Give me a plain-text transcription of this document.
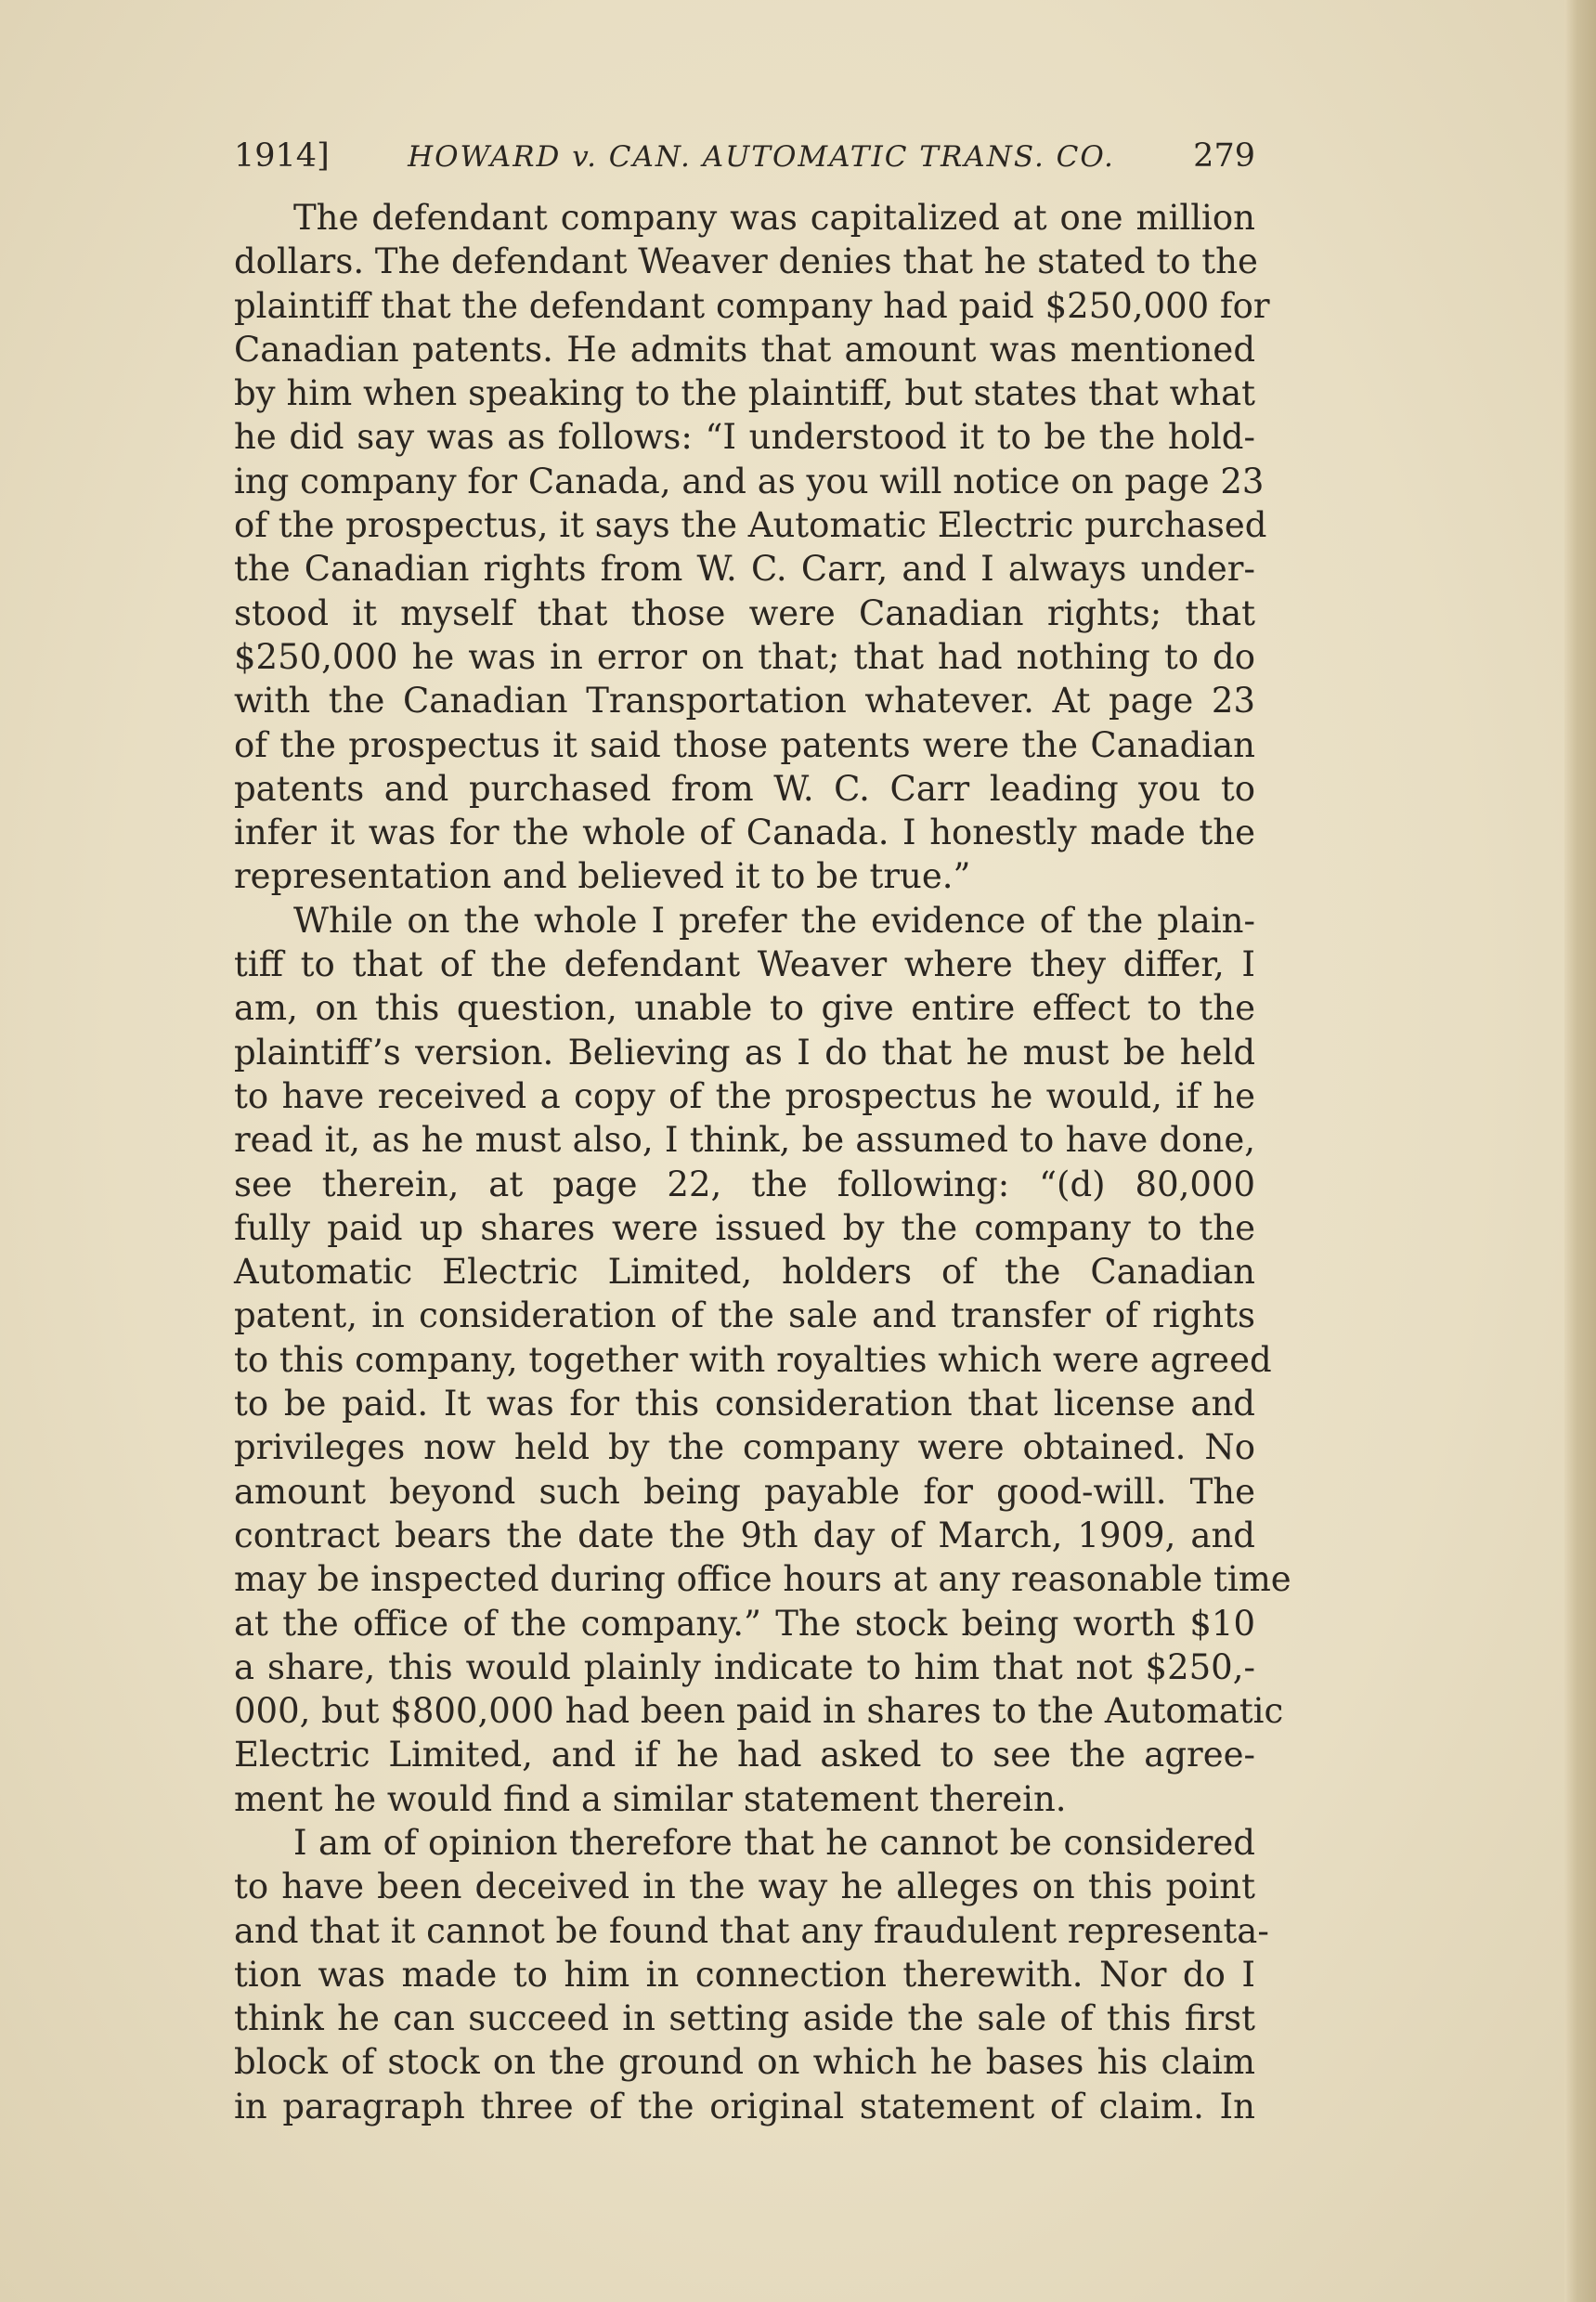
1914]	HOWARD v. CAN. AUTOMATIC TRANS. CO. 279
The defendant company was capitalized at one million
dollars. The defendant Weaver denies that he stated to the
plaintiff that the defendant company had paid $250,000 for
Canadian patents. He admits that amount was mentioned
by him when speaking to the plaintiff, but states that what
he did say was as follows: “I understood it to be the hold-
ing company for Canada, and as you will notice on page 23
of the prospectus, it says the Automatic Electric purchased
the Canadian rights from W. C. Carr, and I always under-
stood it myself that those were Canadian rights; that
$250,000 he was in error on that; that had nothing to do
with the Canadian Transportation whatever. At page 23
of the prospectus it said those patents were the Canadian
patents and purchased from W. C. Carr leading you to
infer it was for the whole of Canada. I honestly made the
representation and believed it to be true.”
While on the whole I prefer the evidence of the plain-
tiff to that of the defendant Weaver where they differ, I
am, on this question, unable to give entire effect to the
plaintiff’s version. Believing as I do that he must be held
to have received a copy of the prospectus he would, if he
read it, as he must also, I think, be assumed to have done,
see therein, at page 22, the following: “(d) 80,000
fully paid up shares were issued by the company to the
Automatic Electric Limited, holders of the Canadian
patent, in consideration of the sale and transfer of rights
to this company, together with royalties which were agreed
to be paid. It was for this consideration that license and
privileges now held by the company were obtained. No
amount beyond such being payable for good-will. The
contract bears the date the 9th day of March, 1909, and
may be inspected during office hours at any reasonable time
at the office of the company.” The stock being worth $10
a share, this would plainly indicate to him that not $250,-
000, but $800,000 had been paid in shares to the Automatic
Electric Limited, and if he had asked to see the agree-
ment he would find a similar statement therein.
I am of opinion therefore that he cannot be considered
to have been deceived in the way he alleges on this point
and that it cannot be found that any fraudulent representa-
tion was made to him in connection therewith. Nor do I
think he can succeed in setting aside the sale of this first
block of stock on the ground on which he bases his claim
in paragraph three of the original statement of claim. In
